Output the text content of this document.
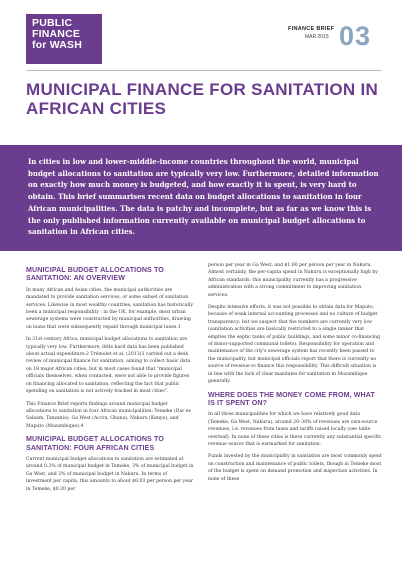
PUBLIC
FINANCE
for WASH
FINANCE BRIEF
MAR 2015 03
MUNICIPAL FINANCE FOR SANITATION IN AFRICAN CITIES

In cities in low and lower-middle-income countries throughout the world, municipal budget allocations to sanitation are typically very low. Furthermore, detailed information on exactly how much money is budgeted, and how exactly it is spent, is very hard to obtain. This brief summarises recent data on budget allocations to sanitation in four African municipalities. The data is patchy and incomplete, but as far as we know this is the only published information currently available on municipal budget allocations to sanitation in African cities.

MUNICIPAL BUDGET ALLOCATIONS TO SANITATION: AN OVERVIEW

In many African and Asian cities, the municipal authorities are mandated to provide sanitation services, or some subset of sanitation services. Likewise in most wealthy countries, sanitation has historically been a municipal responsibility : in the UK, for example, most urban sewerage systems were constructed by municipal authorities, drawing on loans that were subsequently repaid through municipal taxes.1

In 21st-century Africa, municipal budget allocations to sanitation are typically very low. Furthermore, little hard data has been published about actual expenditure.2 Trémolet et al. (2013)3 carried out a desk review of municipal finance for sanitation, aiming to collect basic data on 18 major African cities, but in most cases found that "municipal officials themselves, when contacted, were not able to provide figures on financing allocated to sanitation, reflecting the fact that public spending on sanitation is not actively tracked in most cities".

This Finance Brief reports findings around municipal budget allocations to sanitation in four African municipalities: Temeke (Dar es Salaam, Tanzania), Ga West (Accra, Ghana), Nakuru (Kenya), and Maputo (Mozambique).4

MUNICIPAL BUDGET ALLOCATIONS TO SANITATION: FOUR AFRICAN CITIES

Current municipal budget allocations to sanitation are estimated at around 0.3% of municipal budget in Temeke, 3% of municipal budget in Ga West, and 2% of municipal budget in Nakuru. In terms of investment per capita, this amounts to about $0.03 per person per year in Temeke, $0.20 per

person per year in Ga West, and $1.60 per person per year in Nakuru. Almost certainly, the per-capita spend in Nakuru is exceptionally high by African standards: this municipality currently has a progressive administration with a strong commitment to improving sanitation services.

Despite intensive efforts, it was not possible to obtain data for Maputo, because of weak internal accounting processes and no culture of budget transparency: but we suspect that the numbers are currently very low (sanitation activities are basically restricted to a single tanker that empties the septic tanks of public buildings, and some minor co-financing of donor-supported communal toilets). Responsibility for operation and maintenance of the city's sewerage system has recently been passed to the municipality, but municipal officials report that there is currently no source of revenue to finance this responsibility. This difficult situation is in line with the lack of clear mandates for sanitation in Mozambique generally.

WHERE DOES THE MONEY COME FROM, WHAT IS IT SPENT ON?

In all three municipalities for which we have relatively good data (Temeke, Ga West, Nakuru), around 20–30% of revenues are own-source revenues, i.e. revenues from taxes and tariffs raised locally (see table overleaf). In none of these cities is there currently any substantial specific revenue source that is earmarked for sanitation.

Funds invested by the municipality in sanitation are most commonly spent on construction and maintenance of public toilets, though in Temeke most of the budget is spent on demand promotion and inspection activities. In none of these
